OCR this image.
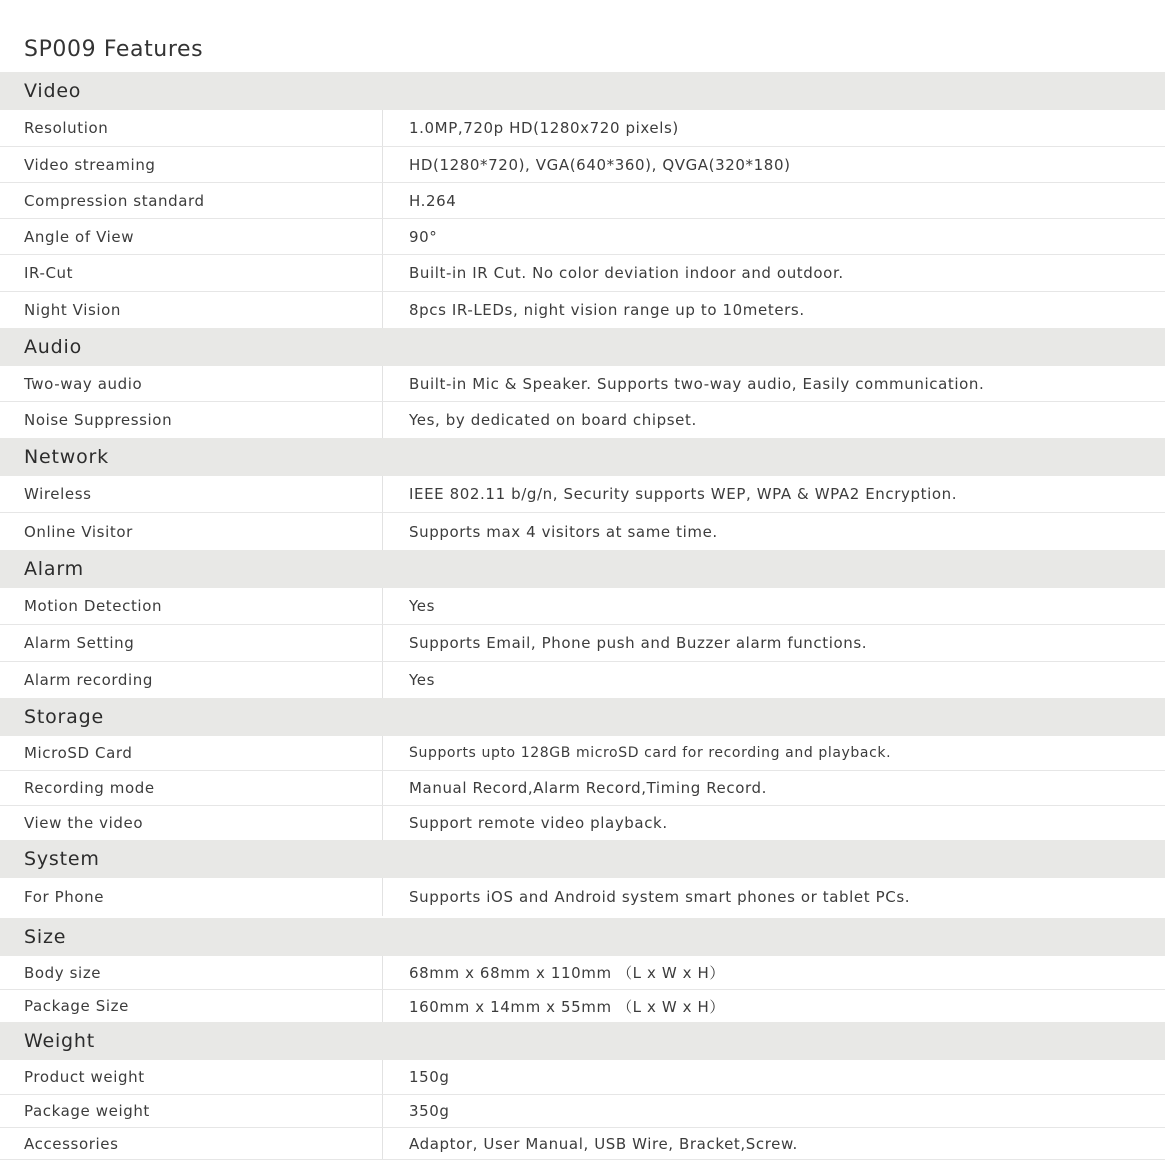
SP009 Features
Video
Resolution	1.0MP,720p HD(1280x720 pixels)
Video streaming	HD(1280*720), VGA(640*360), QVGA(320*180)
Compression standard	H.264
Angle of View	90°
IR-Cut	Built-in IR Cut. No color deviation indoor and outdoor.
Night Vision	8pcs IR-LEDs, night vision range up to 10meters.
Audio
Two-way audio	Built-in Mic & Speaker. Supports two-way audio, Easily communication.
Noise Suppression	Yes, by dedicated on board chipset.
Network
Wireless	IEEE 802.11 b/g/n, Security supports WEP, WPA & WPA2 Encryption.
Online Visitor	Supports max 4 visitors at same time.
Alarm
Motion Detection	Yes
Alarm Setting	Supports Email, Phone push and Buzzer alarm functions.
Alarm recording	Yes
Storage
MicroSD Card	Supports upto 128GB microSD card for recording and playback.
Recording mode	Manual Record,Alarm Record,Timing Record.
View the video	Support remote video playback.
System
For Phone	Supports iOS and Android system smart phones or tablet PCs.
Size
Body size	68mm x 68mm x 110mm （L x W x H）
Package Size	160mm x 14mm x 55mm （L x W x H）
Weight
Product weight	150g
Package weight	350g
Accessories	Adaptor, User Manual, USB Wire, Bracket,Screw.
